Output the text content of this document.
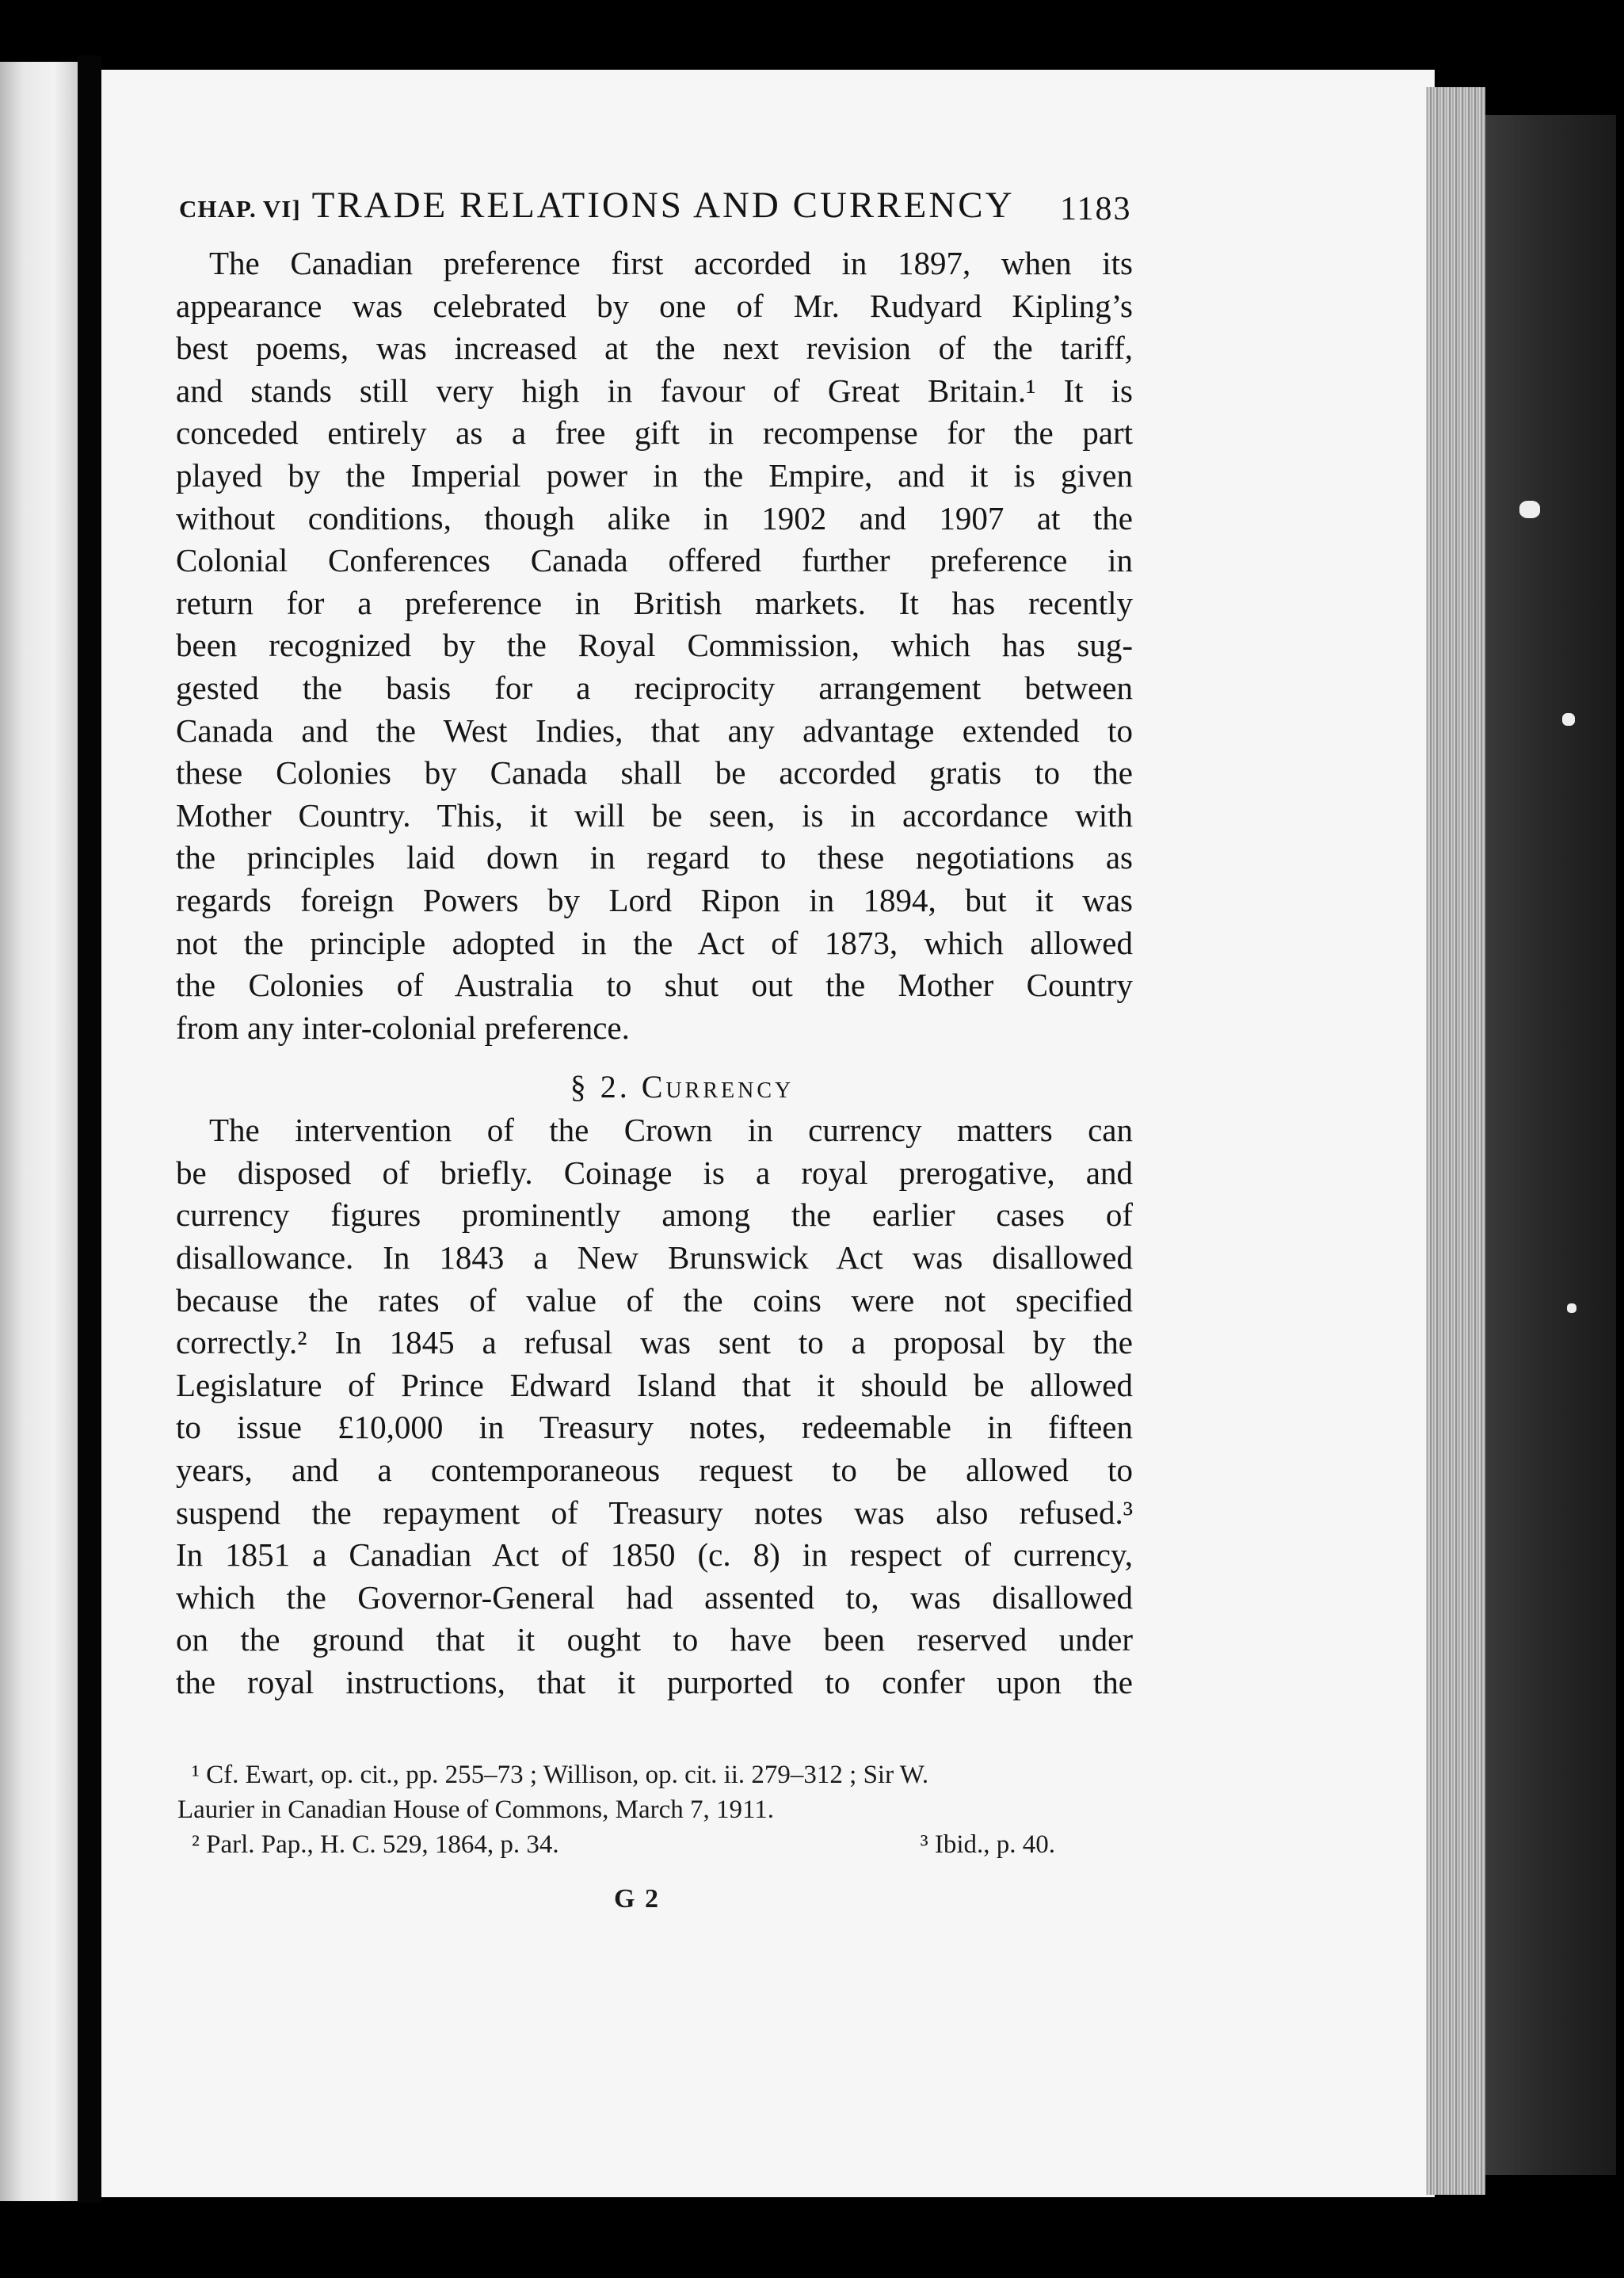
CHAP. VI] TRADE RELATIONS AND CURRENCY	1183
The Canadian preference first accorded in 1897, when its
appearance was celebrated by one of Mr. Rudyard Kipling’s
best poems, was increased at the next revision of the tariff,
and stands still very high in favour of Great Britain.¹ It is
conceded entirely as a free gift in recompense for the part
played by the Imperial power in the Empire, and it is given
without conditions, though alike in 1902 and 1907 at the
Colonial Conferences Canada offered further preference in
return for a preference in British markets. It has recently
been recognized by the Royal Commission, which has sug-
gested the basis for a reciprocity arrangement between
Canada and the West Indies, that any advantage extended to
these Colonies by Canada shall be accorded gratis to the
Mother Country. This, it will be seen, is in accordance with
the principles laid down in regard to these negotiations as
regards foreign Powers by Lord Ripon in 1894, but it was
not the principle adopted in the Act of 1873, which allowed
the Colonies of Australia to shut out the Mother Country
from any inter-colonial preference.
§ 2. Currency
The intervention of the Crown in currency matters can
be disposed of briefly. Coinage is a royal prerogative, and
currency figures prominently among the earlier cases of
disallowance. In 1843 a New Brunswick Act was disallowed
because the rates of value of the coins were not specified
correctly.² In 1845 a refusal was sent to a proposal by the
Legislature of Prince Edward Island that it should be allowed
to issue £10,000 in Treasury notes, redeemable in fifteen
years, and a contemporaneous request to be allowed to
suspend the repayment of Treasury notes was also refused.³
In 1851 a Canadian Act of 1850 (c. 8) in respect of currency,
which the Governor-General had assented to, was disallowed
on the ground that it ought to have been reserved under
the royal instructions, that it purported to confer upon the
¹ Cf. Ewart, op. cit., pp. 255–73 ; Willison, op. cit. ii. 279–312 ; Sir W.
Laurier in Canadian House of Commons, March 7, 1911.
² Parl. Pap., H. C. 529, 1864, p. 34.	³ Ibid., p. 40.
G 2
